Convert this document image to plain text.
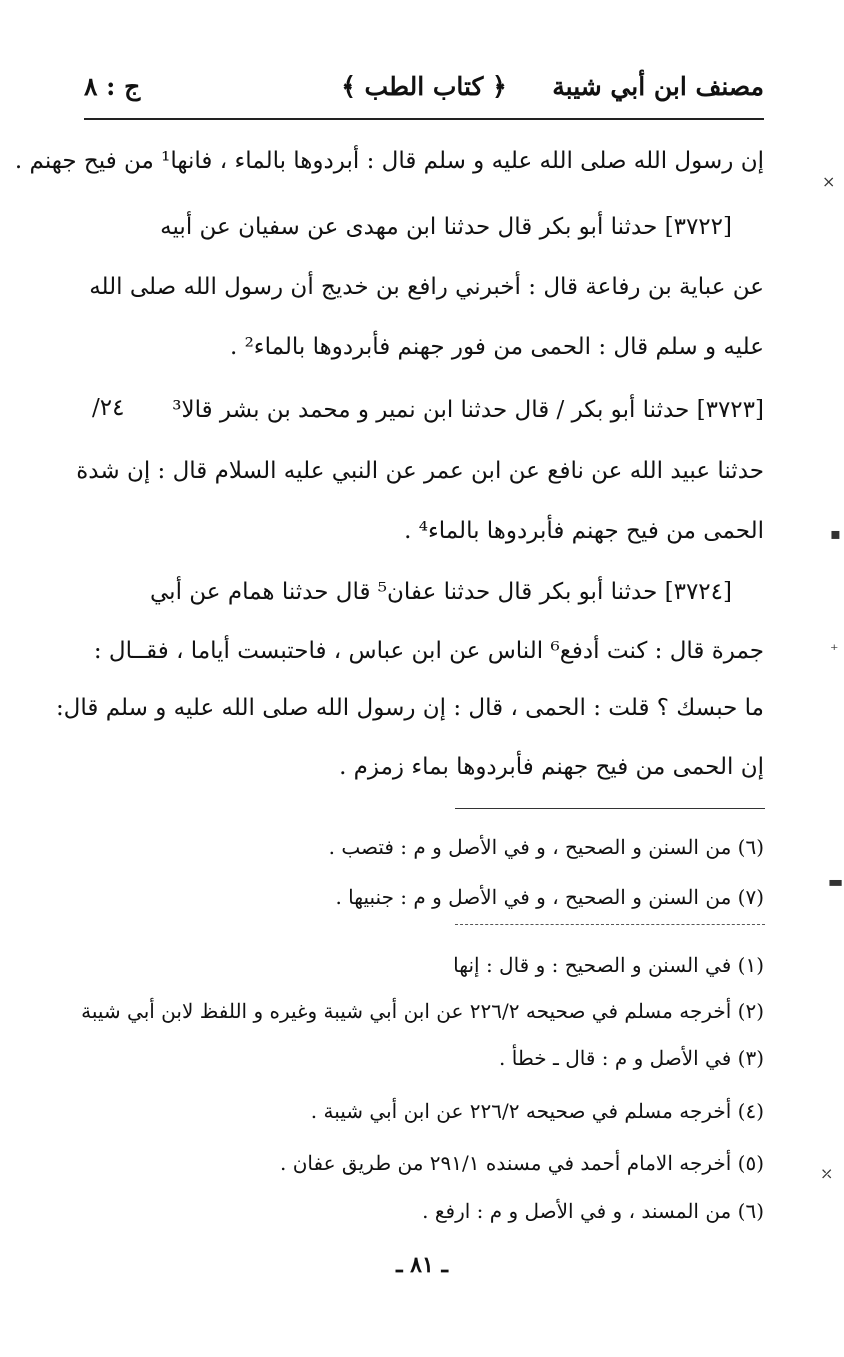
مصنف ابن أبي شيبة
﴿ كتاب الطب ﴾
ج : ٨
إن رسول الله صلى الله عليه و سلم قال : أبردوها بالماء ، فانها¹ من فيح جهنم .
[٣٧٢٢] حدثنا أبو بكر قال حدثنا ابن مهدى عن سفيان عن أبيه
عن عباية بن رفاعة قال : أخبرني رافع بن خديج أن رسول الله صلى الله
عليه و سلم قال : الحمى من فور جهنم فأبردوها بالماء² .
[٣٧٢٣] حدثنا أبو بكر / قال حدثنا ابن نمير و محمد بن بشر قالا³
٢٤/
حدثنا عبيد الله عن نافع عن ابن عمر عن النبي عليه السلام قال : إن شدة
الحمى من فيح جهنم فأبردوها بالماء⁴ .
[٣٧٢٤] حدثنا أبو بكر قال حدثنا عفان⁵ قال حدثنا همام عن أبي
جمرة قال : كنت أدفع⁶ الناس عن ابن عباس ، فاحتبست أياما ، فقــال :
ما حبسك ؟ قلت : الحمى ، قال : إن رسول الله صلى الله عليه و سلم قال:
إن الحمى من فيح جهنم فأبردوها بماء زمزم .
(٦) من السنن و الصحيح ، و في الأصل و م : فتصب .
(٧) من السنن و الصحيح ، و في الأصل و م : جنبيها .
(١) في السنن و الصحيح : و قال : إنها
(٢) أخرجه مسلم في صحيحه ٢٢٦/٢ عن ابن أبي شيبة وغيره و اللفظ لابن أبي شيبة
(٣) في الأصل و م : قال ـ خطأ .
(٤) أخرجه مسلم في صحيحه ٢٢٦/٢ عن ابن أبي شيبة .
(٥) أخرجه الامام أحمد في مسنده ٢٩١/١ من طريق عفان .
(٦) من المسند ، و في الأصل و م : ارفع .
ـ ٨١ ـ
⨯
▪
⁺
▬
⤫
